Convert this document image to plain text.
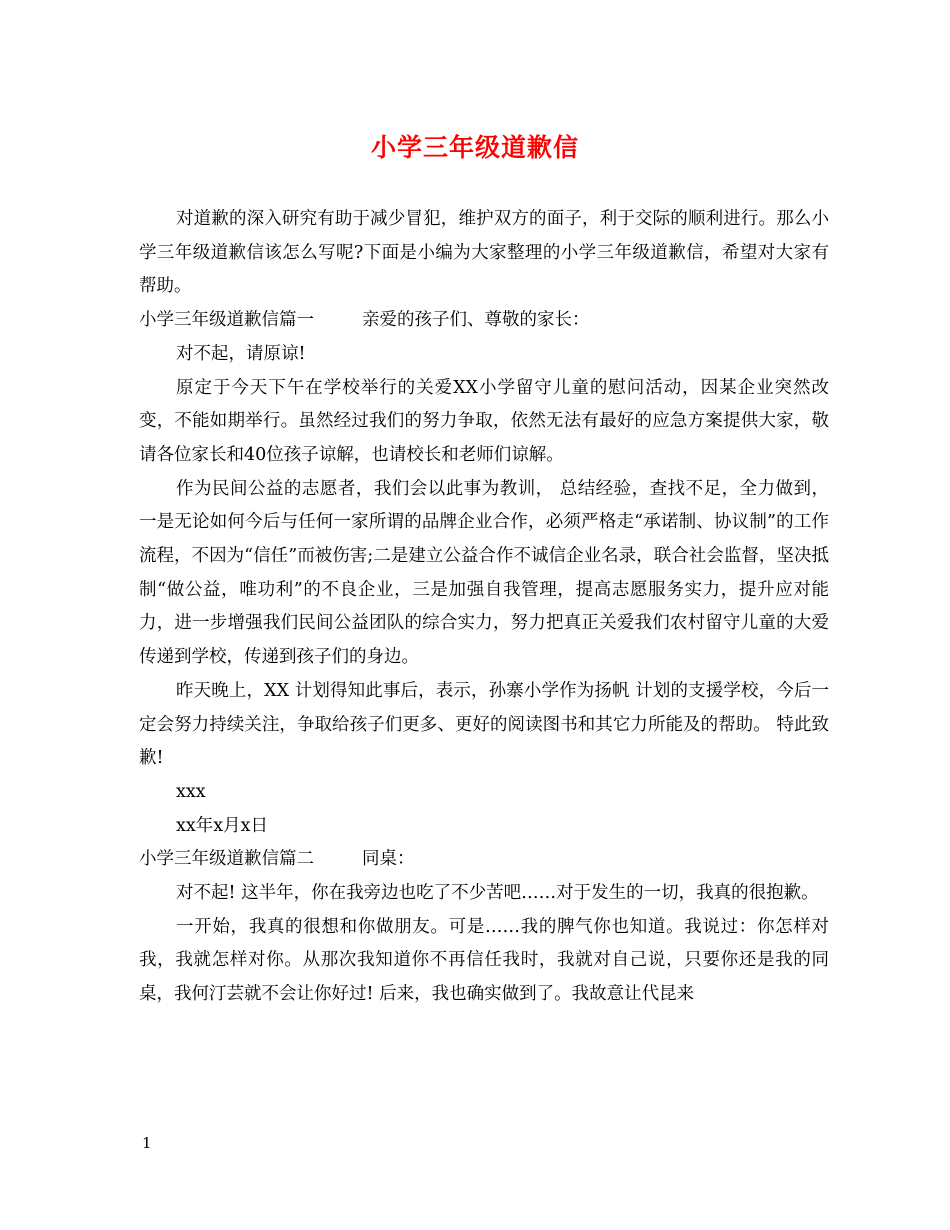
小学三年级道歉信

对道歉的深入研究有助于减少冒犯，维护双方的面子，利于交际的顺利进行。那么小学三年级道歉信该怎么写呢?下面是小编为大家整理的小学三年级道歉信，希望对大家有帮助。

小学三年级道歉信篇一	亲爱的孩子们、尊敬的家长：

对不起，请原谅!

原定于今天下午在学校举行的关爱XX小学留守儿童的慰问活动，因某企业突然改变，不能如期举行。虽然经过我们的努力争取，依然无法有最好的应急方案提供大家，敬请各位家长和40位孩子谅解，也请校长和老师们谅解。

作为民间公益的志愿者，我们会以此事为教训， 总结经验，查找不足，全力做到，一是无论如何今后与任何一家所谓的品牌企业合作，必须严格走“承诺制、协议制”的工作流程，不因为“信任”而被伤害;二是建立公益合作不诚信企业名录，联合社会监督，坚决抵制“做公益，唯功利”的不良企业，三是加强自我管理，提高志愿服务实力，提升应对能力，进一步增强我们民间公益团队的综合实力，努力把真正关爱我们农村留守儿童的大爱传递到学校，传递到孩子们的身边。

昨天晚上，XX 计划得知此事后，表示，孙寨小学作为扬帆 计划的支援学校，今后一定会努力持续关注，争取给孩子们更多、更好的阅读图书和其它力所能及的帮助。 特此致歉!

xxx

xx年x月x日

小学三年级道歉信篇二	同桌：

对不起! 这半年，你在我旁边也吃了不少苦吧……对于发生的一切，我真的很抱歉。

一开始，我真的很想和你做朋友。可是……我的脾气你也知道。我说过：你怎样对我，我就怎样对你。从那次我知道你不再信任我时，我就对自己说，只要你还是我的同桌，我何汀芸就不会让你好过! 后来，我也确实做到了。我故意让代昆来

1
